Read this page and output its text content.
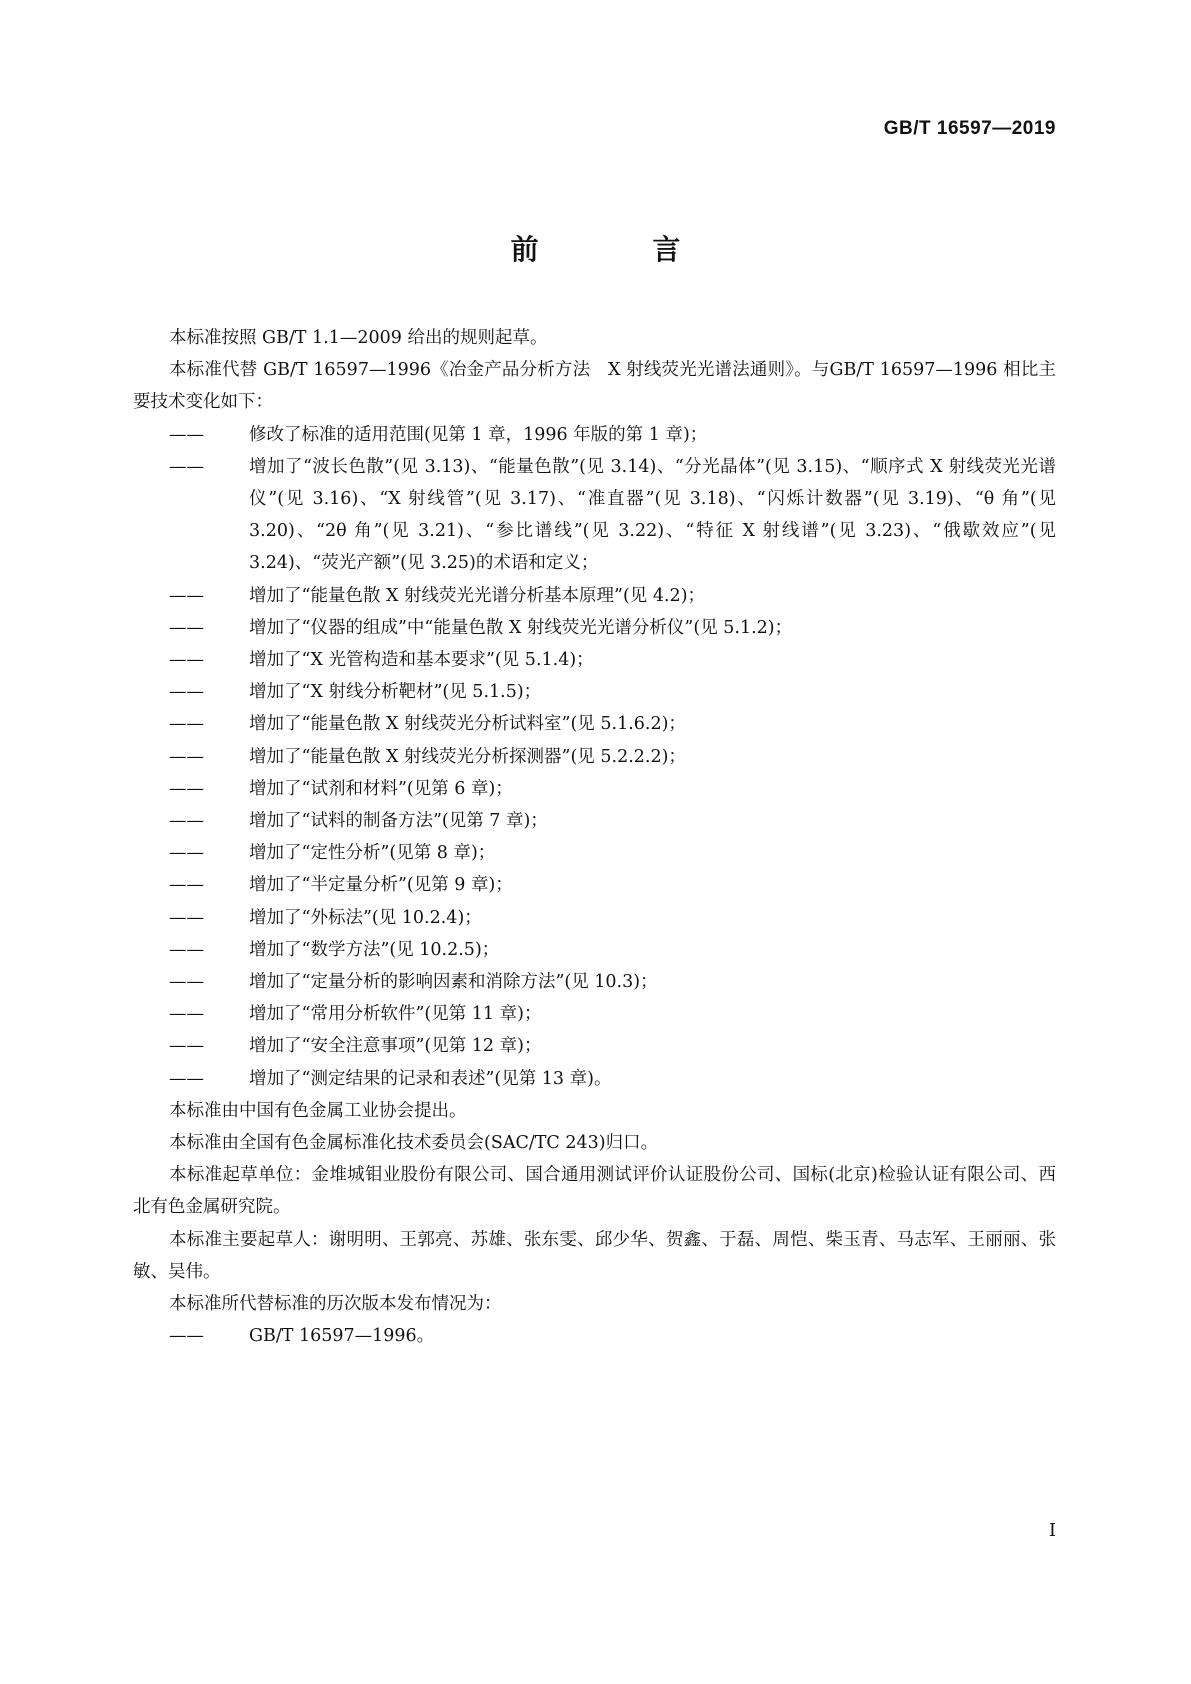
GB/T 16597—2019
前 言

本标准按照 GB/T 1.1—2009 给出的规则起草。

本标准代替 GB/T 16597—1996《冶金产品分析方法　X 射线荧光光谱法通则》。与GB/T 16597—1996 相比主要技术变化如下：

——	修改了标准的适用范围(见第 1 章，1996 年版的第 1 章)；

——	增加了“波长色散”(见 3.13)、“能量色散”(见 3.14)、“分光晶体”(见 3.15)、“顺序式 X 射线荧光光谱仪”(见 3.16)、“X 射线管”(见 3.17)、“准直器”(见 3.18)、“闪烁计数器”(见 3.19)、“θ 角”(见 3.20)、“2θ 角”(见 3.21)、“参比谱线”(见 3.22)、“特征 X 射线谱”(见 3.23)、“俄歇效应”(见 3.24)、“荧光产额”(见 3.25)的术语和定义；

——	增加了“能量色散 X 射线荧光光谱分析基本原理”(见 4.2)；

——	增加了“仪器的组成”中“能量色散 X 射线荧光光谱分析仪”(见 5.1.2)；

——	增加了“X 光管构造和基本要求”(见 5.1.4)；

——	增加了“X 射线分析靶材”(见 5.1.5)；

——	增加了“能量色散 X 射线荧光分析试料室”(见 5.1.6.2)；

——	增加了“能量色散 X 射线荧光分析探测器”(见 5.2.2.2)；

——	增加了“试剂和材料”(见第 6 章)；

——	增加了“试料的制备方法”(见第 7 章)；

——	增加了“定性分析”(见第 8 章)；

——	增加了“半定量分析”(见第 9 章)；

——	增加了“外标法”(见 10.2.4)；

——	增加了“数学方法”(见 10.2.5)；

——	增加了“定量分析的影响因素和消除方法”(见 10.3)；

——	增加了“常用分析软件”(见第 11 章)；

——	增加了“安全注意事项”(见第 12 章)；

——	增加了“测定结果的记录和表述”(见第 13 章)。

本标准由中国有色金属工业协会提出。

本标准由全国有色金属标准化技术委员会(SAC/TC 243)归口。

本标准起草单位：金堆城钼业股份有限公司、国合通用测试评价认证股份公司、国标(北京)检验认证有限公司、西北有色金属研究院。

本标准主要起草人：谢明明、王郭亮、苏雄、张东雯、邱少华、贺鑫、于磊、周恺、柴玉青、马志军、王丽丽、张敏、吴伟。

本标准所代替标准的历次版本发布情况为：

——	GB/T 16597—1996。

I
